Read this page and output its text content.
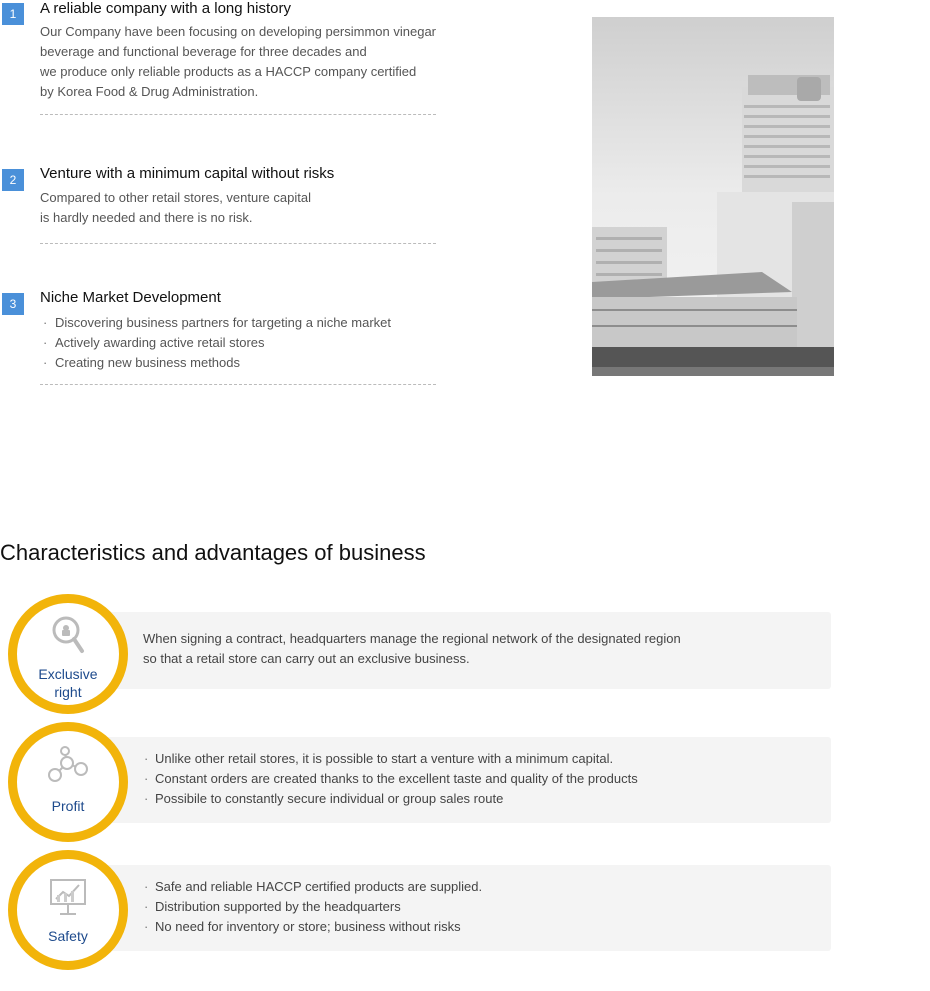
1	A reliable company with a long history
Our Company have been focusing on developing persimmon vinegar
beverage and functional beverage for three decades and
we produce only reliable products as a HACCP company certified
by Korea Food & Drug Administration.
2	Venture with a minimum capital without risks
Compared to other retail stores, venture capital
is hardly needed and there is no risk.
3	Niche Market Development
· Discovering business partners for targeting a niche market
· Actively awarding active retail stores
· Creating new business methods
Characteristics and advantages of business
When signing a contract, headquarters manage the regional network of the designated region
so that a retail store can carry out an exclusive business.
Exclusive
right
· Unlike other retail stores, it is possible to start a venture with a minimum capital.
· Constant orders are created thanks to the excellent taste and quality of the products
· Possibile to constantly secure individual or group sales route
Profit
· Safe and reliable HACCP certified products are supplied.
· Distribution supported by the headquarters
· No need for inventory or store; business without risks
Safety
